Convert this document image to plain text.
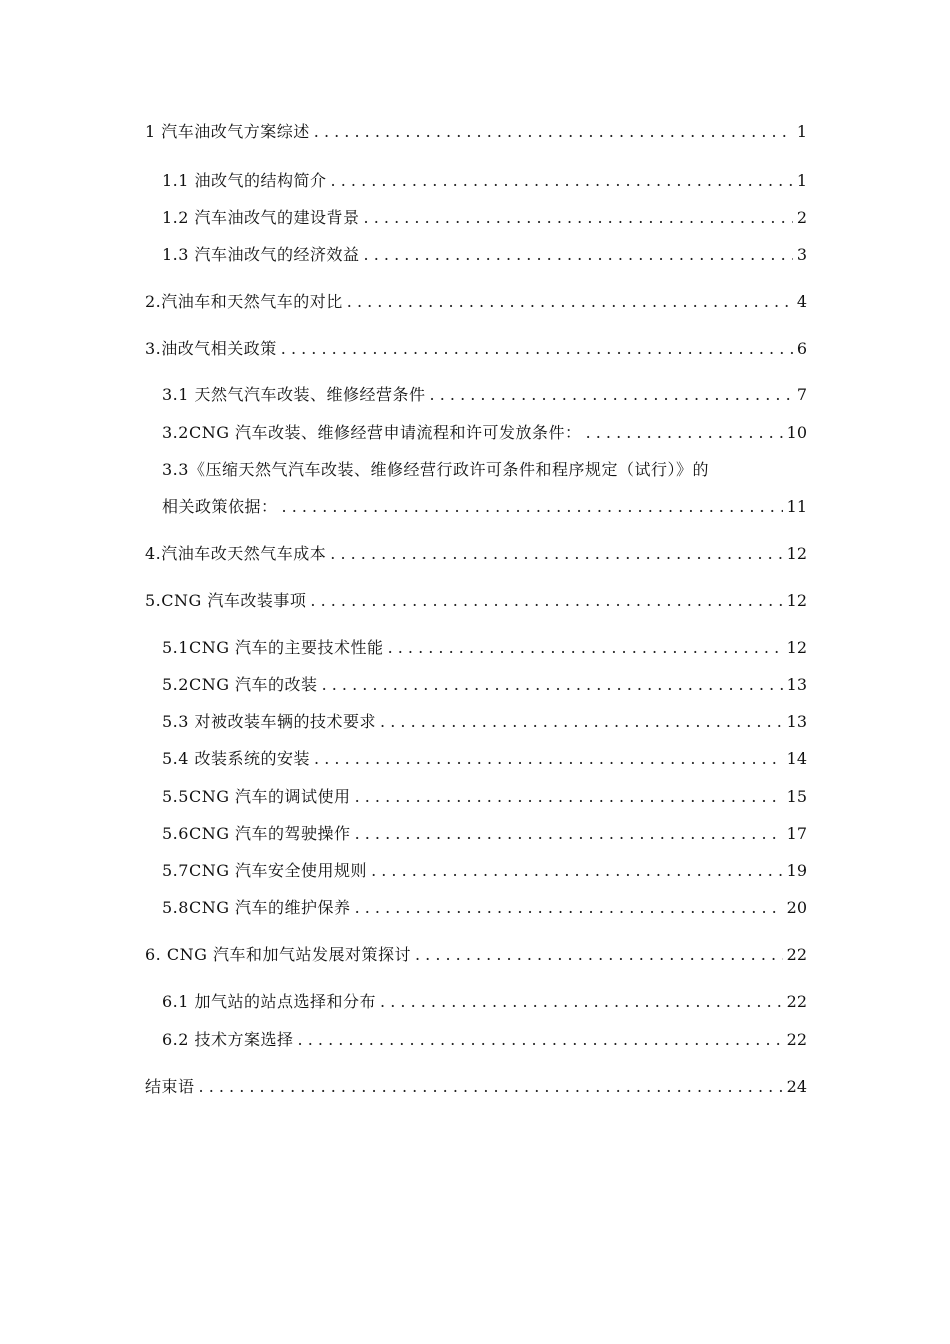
1 汽车油改气方案综述 . . .	1
1.1 油改气的结构简介 . . .	1
1.2 汽车油改气的建设背景 . . .	2
1.3 汽车油改气的经济效益 . . .	3
2.汽油车和天然气车的对比 . . .	4
3.油改气相关政策 . . .	6
3.1 天然气汽车改装、维修经营条件 . . .	7
3.2CNG 汽车改装、维修经营申请流程和许可发放条件： . . .	10
3.3《压缩天然气汽车改装、维修经营行政许可条件和程序规定（试行）》的
相关政策依据： . . .	11
4.汽油车改天然气车成本 . . .	12
5.CNG 汽车改装事项 . . .	12
5.1CNG 汽车的主要技术性能 . . .	12
5.2CNG 汽车的改装 . . .	13
5.3 对被改装车辆的技术要求 . . .	13
5.4 改装系统的安装 . . .	14
5.5CNG 汽车的调试使用 . . .	15
5.6CNG 汽车的驾驶操作 . . .	17
5.7CNG 汽车安全使用规则 . . .	19
5.8CNG 汽车的维护保养 . . .	20
6. CNG 汽车和加气站发展对策探讨 . . .	22
6.1 加气站的站点选择和分布 . . .	22
6.2 技术方案选择 . . .	22
结束语 . . .	24
